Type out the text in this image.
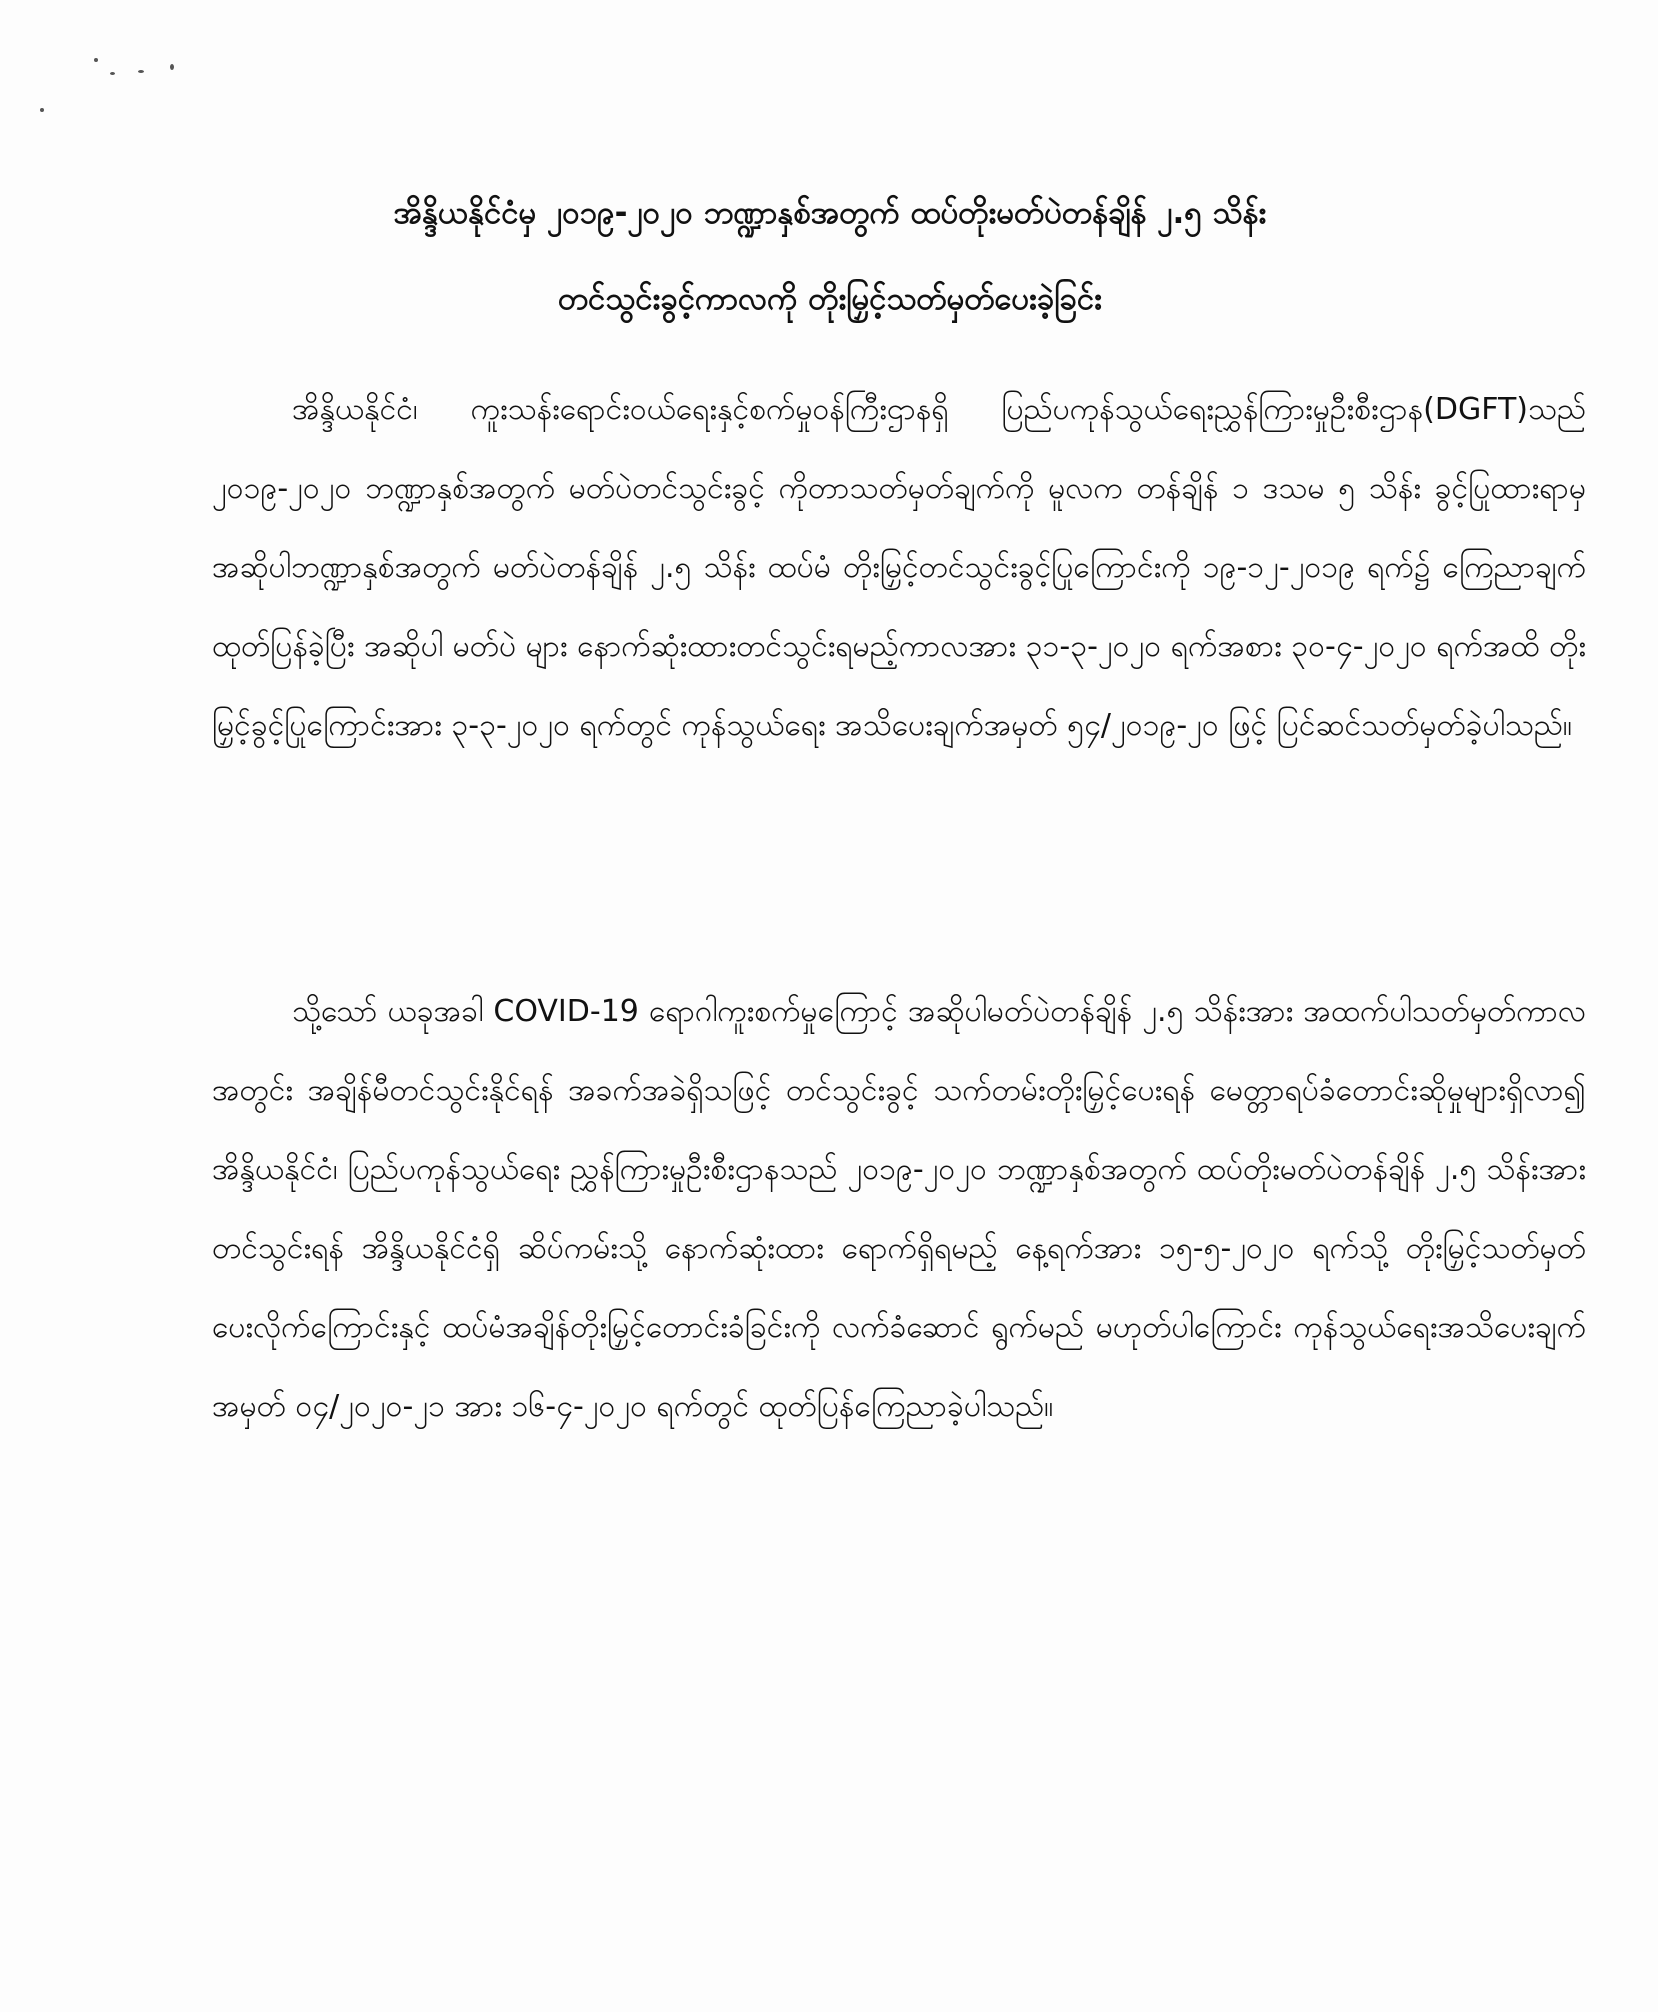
အိန္ဒိယနိုင်ငံမှ ၂၀၁၉-၂၀၂၀ ဘဏ္ဍာနှစ်အတွက် ထပ်တိုးမတ်ပဲတန်ချိန် ၂.၅ သိန်း
တင်သွင်းခွင့်ကာလကို တိုးမြှင့်သတ်မှတ်ပေးခဲ့ခြင်း

အိန္ဒိယနိုင်ငံ၊ ကူးသန်းရောင်းဝယ်ရေးနှင့်စက်မှုဝန်ကြီးဌာနရှိ ပြည်ပကုန်သွယ်ရေးညွှန်ကြားမှုဦးစီးဌာန(DGFT)သည် ၂၀၁၉-၂၀၂၀ ဘဏ္ဍာနှစ်အတွက် မတ်ပဲတင်သွင်းခွင့် ကိုတာသတ်မှတ်ချက်ကို မူလက တန်ချိန် ၁ ဒသမ ၅ သိန်း ခွင့်ပြုထားရာမှ အဆိုပါဘဏ္ဍာနှစ်အတွက် မတ်ပဲတန်ချိန် ၂.၅ သိန်း ထပ်မံ တိုးမြှင့်တင်သွင်းခွင့်ပြုကြောင်းကို ၁၉-၁၂-၂၀၁၉ ရက်၌ ကြေညာချက်ထုတ်ပြန်ခဲ့ပြီး အဆိုပါ မတ်ပဲ များ နောက်ဆုံးထားတင်သွင်းရမည့်ကာလအား ၃၁-၃-၂၀၂၀ ရက်အစား ၃၀-၄-၂၀၂၀ ရက်အထိ တိုးမြှင့်ခွင့်ပြုကြောင်းအား ၃-၃-၂၀၂၀ ရက်တွင် ကုန်သွယ်ရေး အသိပေးချက်အမှတ် ၅၄/၂၀၁၉-၂၀ ဖြင့် ပြင်ဆင်သတ်မှတ်ခဲ့ပါသည်။

သို့သော် ယခုအခါ COVID-19 ရောဂါကူးစက်မှုကြောင့် အဆိုပါမတ်ပဲတန်ချိန် ၂.၅ သိန်းအား အထက်ပါသတ်မှတ်ကာလအတွင်း အချိန်မီတင်သွင်းနိုင်ရန် အခက်အခဲရှိသဖြင့် တင်သွင်းခွင့် သက်တမ်းတိုးမြှင့်ပေးရန် မေတ္တာရပ်ခံတောင်းဆိုမှုများရှိလာ၍ အိန္ဒိယနိုင်ငံ၊ ပြည်ပကုန်သွယ်ရေး ညွှန်ကြားမှုဦးစီးဌာနသည် ၂၀၁၉-၂၀၂၀ ဘဏ္ဍာနှစ်အတွက် ထပ်တိုးမတ်ပဲတန်ချိန် ၂.၅ သိန်းအား တင်သွင်းရန် အိန္ဒိယနိုင်ငံရှိ ဆိပ်ကမ်းသို့ နောက်ဆုံးထား ရောက်ရှိရမည့် နေ့ရက်အား ၁၅-၅-၂၀၂၀ ရက်သို့ တိုးမြှင့်သတ်မှတ်ပေးလိုက်ကြောင်းနှင့် ထပ်မံအချိန်တိုးမြှင့်တောင်းခံခြင်းကို လက်ခံဆောင် ရွက်မည် မဟုတ်ပါကြောင်း ကုန်သွယ်ရေးအသိပေးချက်အမှတ် ၀၄/၂၀၂၀-၂၁ အား ၁၆-၄-၂၀၂၀ ရက်တွင် ထုတ်ပြန်ကြေညာခဲ့ပါသည်။
